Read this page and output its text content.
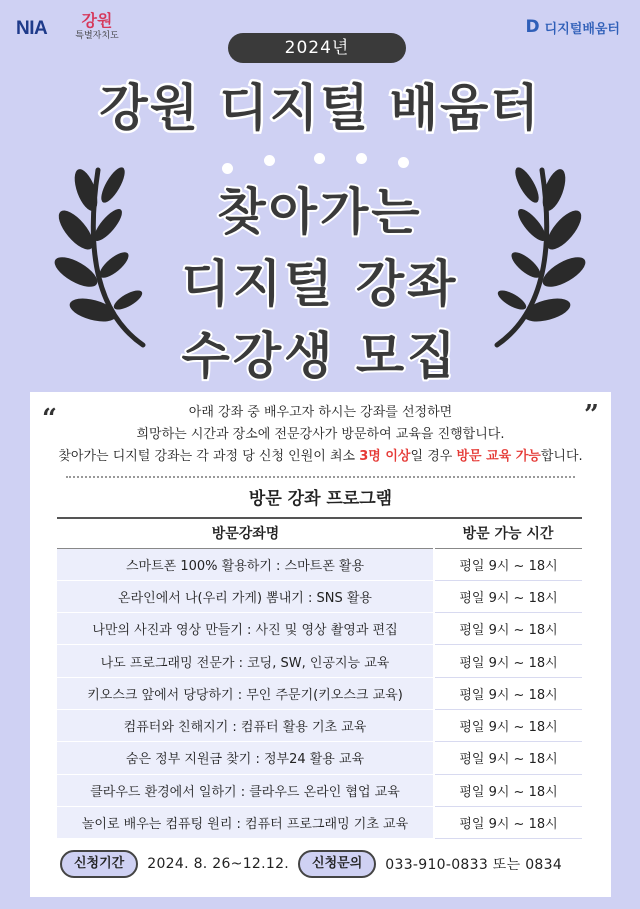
NIA	강원
특별자치도	D 디지털배움터
2024년
강원 디지털 배움터
찾아가는
디지털 강좌
수강생 모집
“	”
아래 강좌 중 배우고자 하시는 강좌를 선정하면
희망하는 시간과 장소에 전문강사가 방문하여 교육을 진행합니다.
찾아가는 디지털 강좌는 각 과정 당 신청 인원이 최소 3명 이상일 경우 방문 교육 가능합니다.
방문 강좌 프로그램
방문강좌명	방문 가능 시간
스마트폰 100% 활용하기 : 스마트폰 활용	평일 9시 ~ 18시
온라인에서 나(우리 가게) 뽐내기 : SNS 활용	평일 9시 ~ 18시
나만의 사진과 영상 만들기 : 사진 및 영상 촬영과 편집	평일 9시 ~ 18시
나도 프로그래밍 전문가 : 코딩, SW, 인공지능 교육	평일 9시 ~ 18시
키오스크 앞에서 당당하기 : 무인 주문기(키오스크 교육)	평일 9시 ~ 18시
컴퓨터와 친해지기 : 컴퓨터 활용 기초 교육	평일 9시 ~ 18시
숨은 정부 지원금 찾기 : 정부24 활용 교육	평일 9시 ~ 18시
클라우드 환경에서 일하기 : 클라우드 온라인 협업 교육	평일 9시 ~ 18시
놀이로 배우는 컴퓨팅 원리 : 컴퓨터 프로그래밍 기초 교육	평일 9시 ~ 18시
신청기간	2024. 8. 26~12.12.	신청문의	033-910-0833 또는 0834
